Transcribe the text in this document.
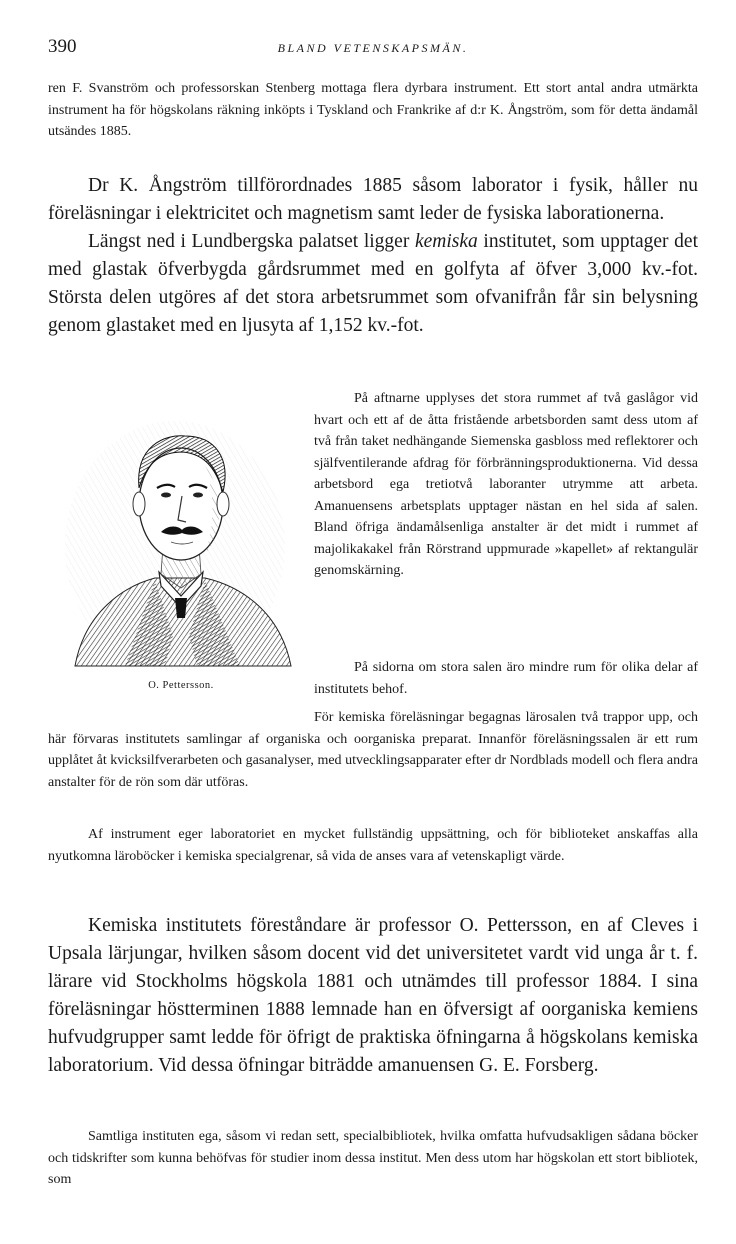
390	BLAND VETENSKAPSMÄN.

ren F. Svanström och professorskan Stenberg mottaga flera dyrbara instrument. Ett stort antal andra utmärkta instrument ha för högskolans räkning inköpts i Tyskland och Frankrike af d:r K. Ångström, som för detta ändamål utsändes 1885.

Dr K. Ångström tillförordnades 1885 såsom laborator i fysik, håller nu föreläsningar i elektricitet och magnetism samt leder de fysiska laborationerna.

Längst ned i Lundbergska palatset ligger kemiska institutet, som upptager det med glastak öfverbygda gårdsrummet med en golfyta af öfver 3,000 kv.-fot. Största delen utgöres af det stora arbetsrummet som ofvanifrån får sin belysning genom glastaket med en ljusyta af 1,152 kv.-fot.

O. Pettersson.

På aftnarne upplyses det stora rummet af två gaslågor vid hvart och ett af de åtta fristående arbetsborden samt dess utom af två från taket nedhängande Siemenska gasbloss med reflektorer och själfventilerande afdrag för förbränningsproduktionerna. Vid dessa arbetsbord ega tretiotvå laboranter utrymme att arbeta. Amanuensens arbetsplats upptager nästan en hel sida af salen. Bland öfriga ändamålsenliga anstalter är det midt i rummet af majolikakakel från Rörstrand uppmurade »kapellet» af rektangulär genomskärning.

På sidorna om stora salen äro mindre rum för olika delar af institutets behof.

För kemiska föreläsningar begagnas lärosalen två trappor upp, och här förvaras institutets samlingar af organiska och oorganiska preparat. Innanför föreläsningssalen är ett rum upplåtet åt kvicksilfverarbeten och gasanalyser, med utvecklingsapparater efter dr Nordblads modell och flera andra anstalter för de rön som där utföras.

Af instrument eger laboratoriet en mycket fullständig uppsättning, och för biblioteket anskaffas alla nyutkomna läroböcker i kemiska specialgrenar, så vida de anses vara af vetenskapligt värde.

Kemiska institutets föreståndare är professor O. Pettersson, en af Cleves i Upsala lärjungar, hvilken såsom docent vid det universitetet vardt vid unga år t. f. lärare vid Stockholms högskola 1881 och utnämdes till professor 1884. I sina föreläsningar höstterminen 1888 lemnade han en öfversigt af oorganiska kemiens hufvudgrupper samt ledde för öfrigt de praktiska öfningarna å högskolans kemiska laboratorium. Vid dessa öfningar biträdde amanuensen G. E. Forsberg.

Samtliga instituten ega, såsom vi redan sett, specialbibliotek, hvilka omfatta hufvudsakligen sådana böcker och tidskrifter som kunna behöfvas för studier inom dessa institut. Men dess utom har högskolan ett stort bibliotek, som
